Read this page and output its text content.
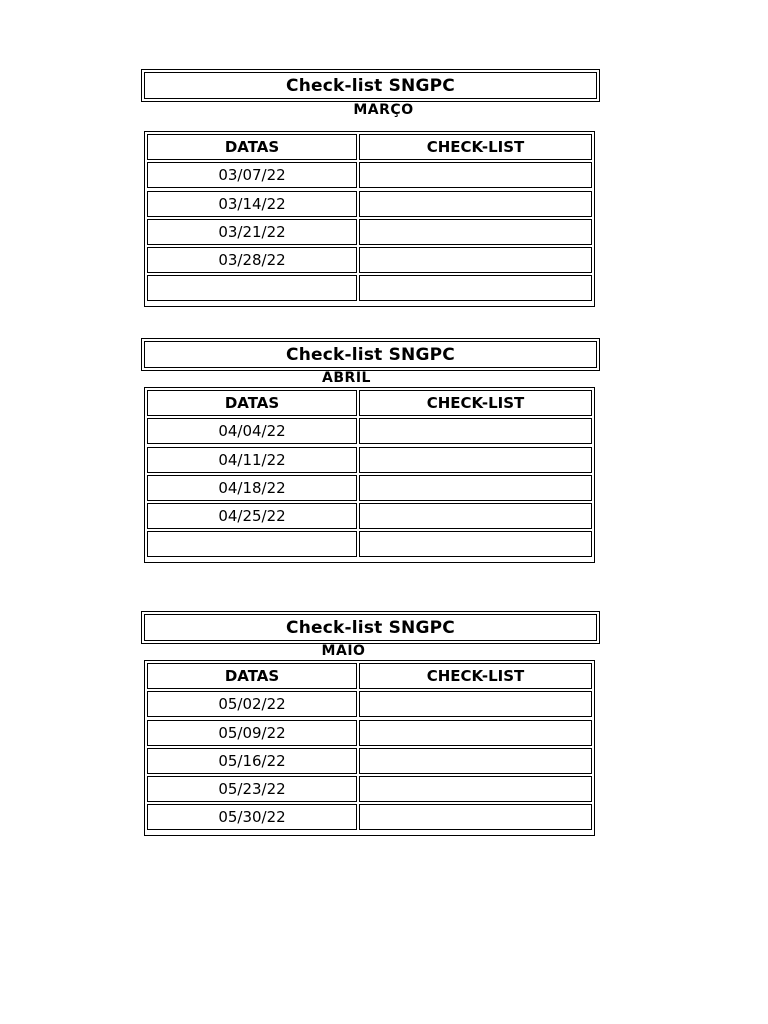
Check-list SNGPC
MARÇO
DATAS	CHECK-LIST
03/07/22
03/14/22
03/21/22
03/28/22
Check-list SNGPC
ABRIL
DATAS	CHECK-LIST
04/04/22
04/11/22
04/18/22
04/25/22
Check-list SNGPC
MAIO
DATAS	CHECK-LIST
05/02/22
05/09/22
05/16/22
05/23/22
05/30/22
